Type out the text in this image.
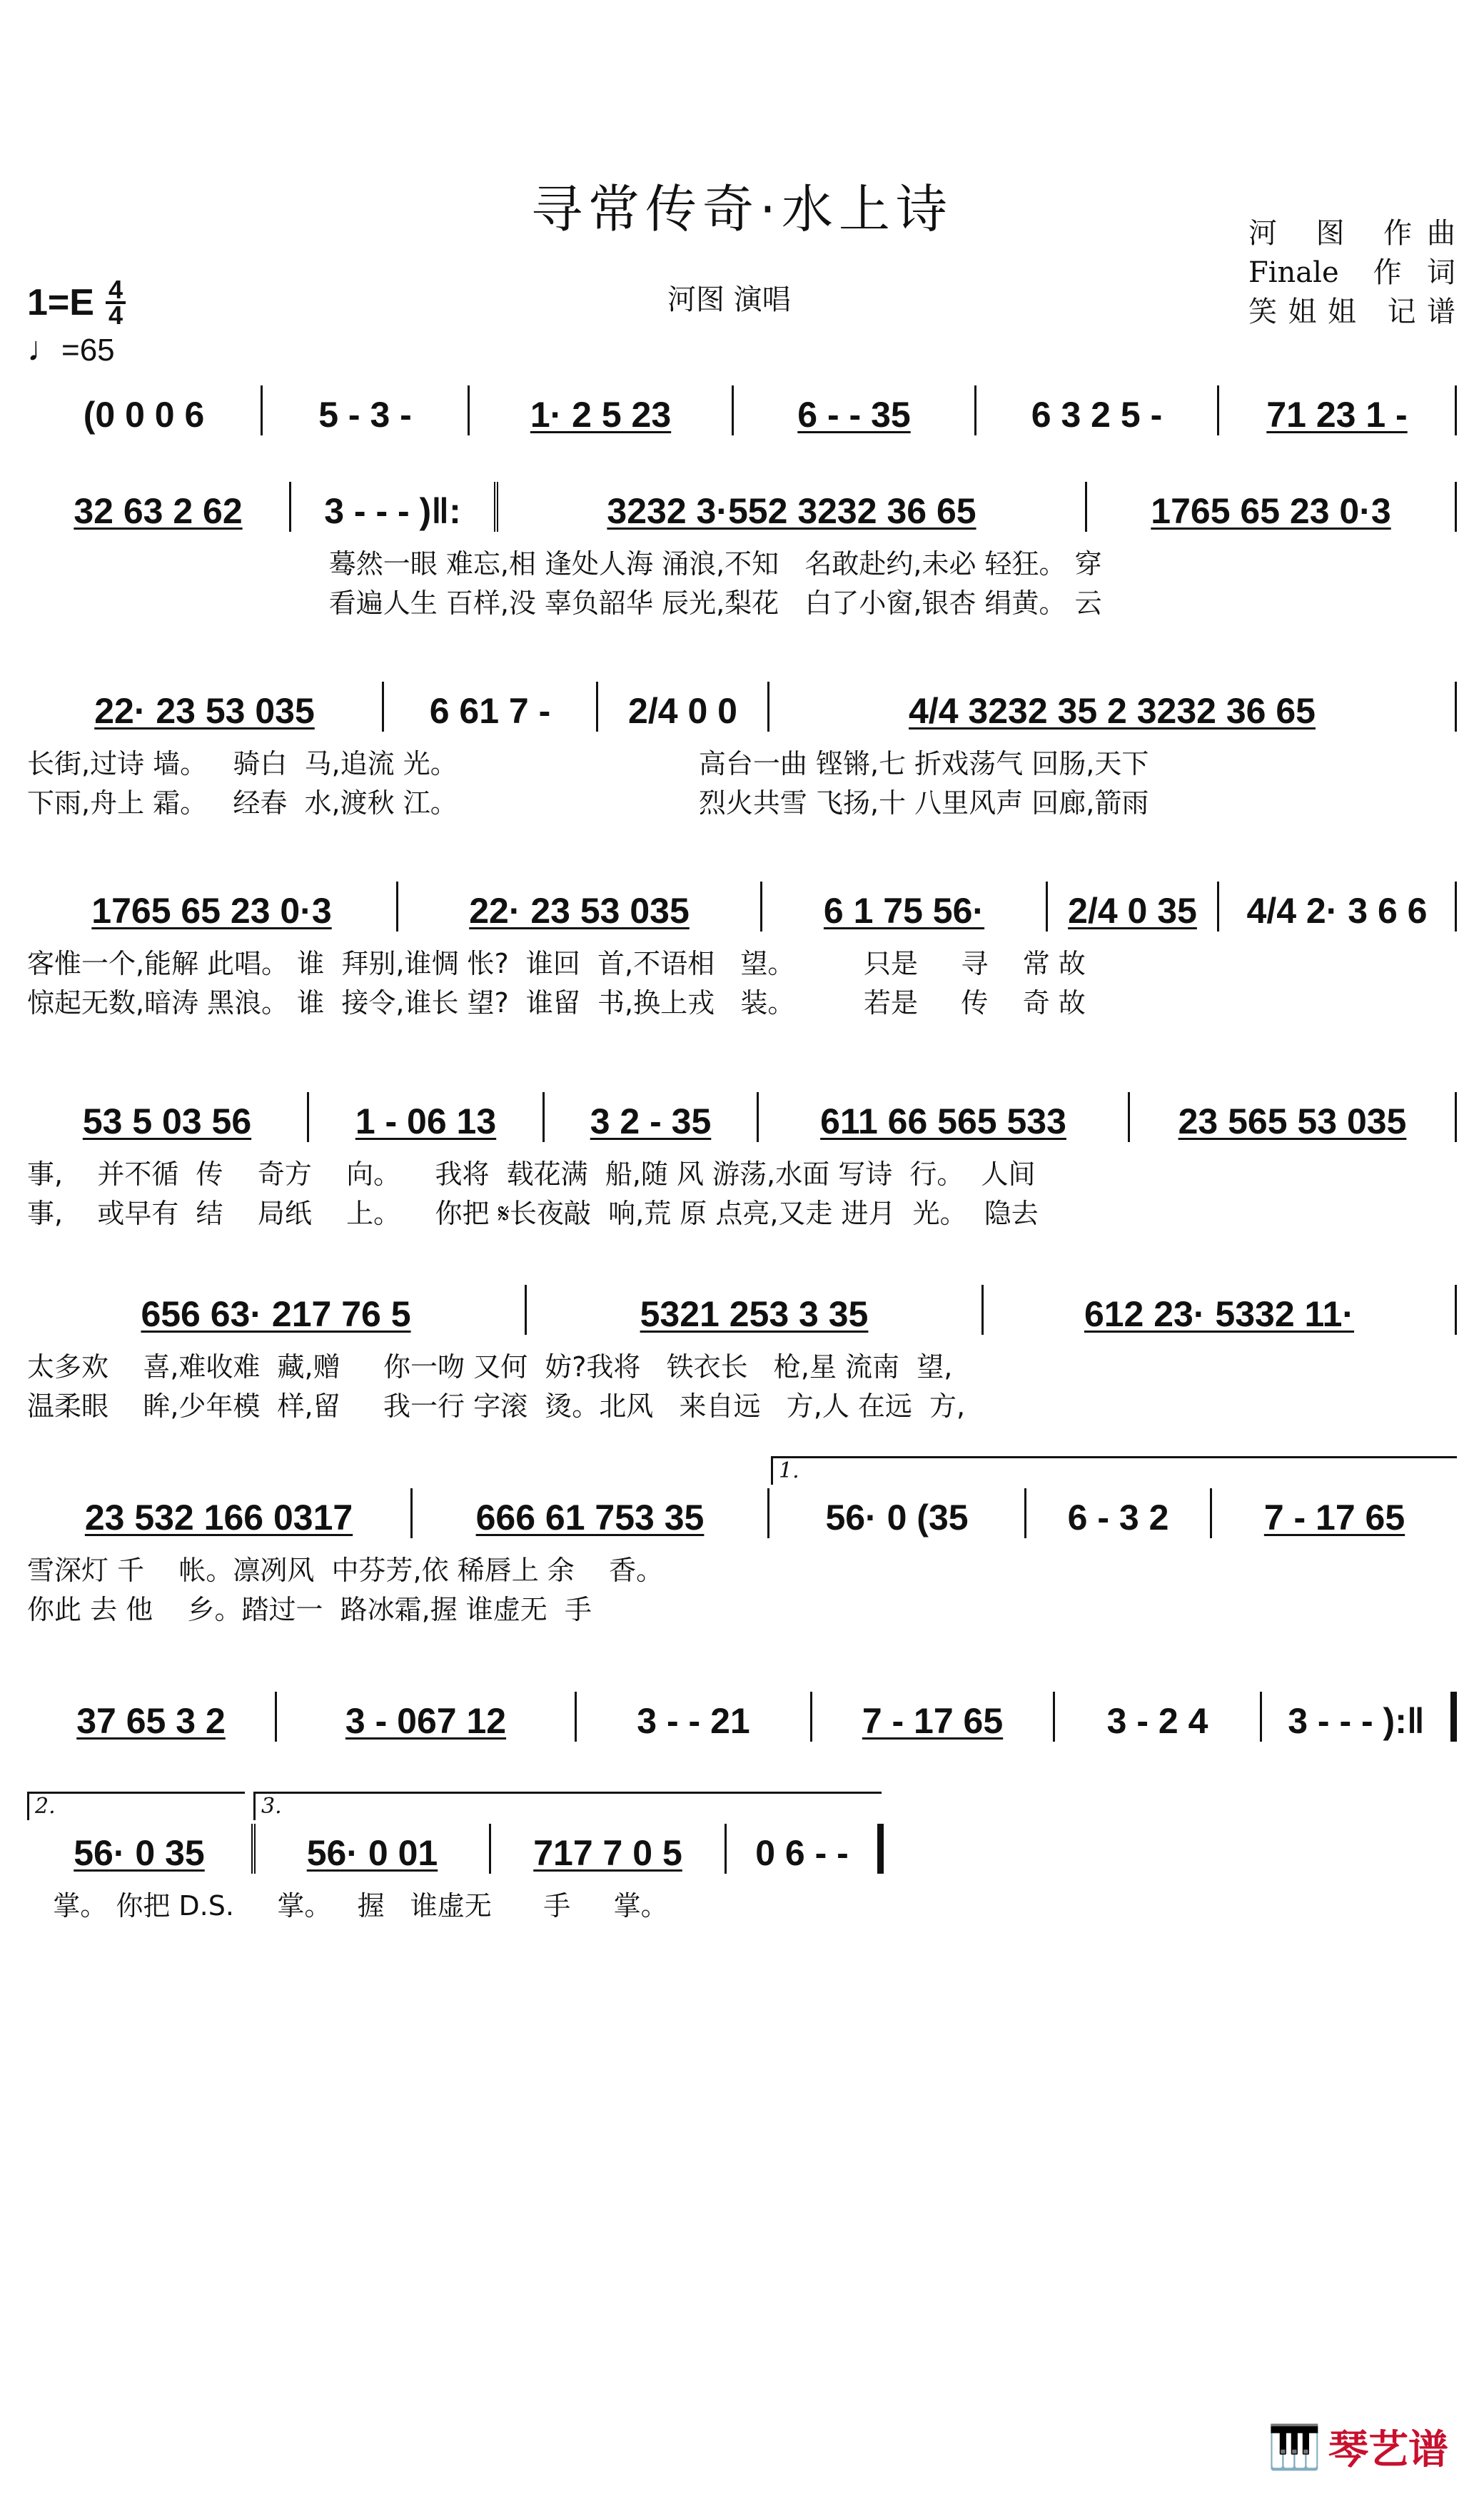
寻常传奇·水上诗	河 图 作曲
Finale 作词
笑姐姐 记谱
河图 演唱
1=E 4
4
♩=65
(0 0 0 6	5 - 3 -	1· 2 5 23	6 - - 35	6 3 2 5 -	71 23 1 -
32 63 2 62 3 - - - )‖:	3232 3·552 3232 36 65	1765 65 23 0·3
蓦然一眼 难忘,相 逢处人海 涌浪,不知   名敢赴约,未必 轻狂。 穿
看遍人生 百样,没 辜负韶华 辰光,梨花   白了小窗,银杏 绢黄。 云
22· 23 53 035	6 61 7 - 2/4 0 0	4/4 3232 35 2 3232 36 65
长街,过诗 墙。   骑白  马,追流 光。                            高台一曲 铿锵,七 折戏荡气 回肠,天下
下雨,舟上 霜。   经春  水,渡秋 江。                            烈火共雪 飞扬,十 八里风声 回廊,箭雨
1765 65 23 0·3	22· 23 53 035	6 1 75 56· 2/4 0 35 4/4 2· 3 6 6
客惟一个,能解 此唱。 谁  拜别,谁惆 怅?  谁回  首,不语相   望。        只是     寻    常 故
惊起无数,暗涛 黑浪。 谁  接令,谁长 望?  谁留  书,换上戎   装。        若是     传    奇 故
53 5 03 56	1 - 06 13	3 2 - 35	611 66 565 533	23 565 53 035
事,    并不循  传    奇方    向。    我将  载花满  船,随 风 游荡,水面 写诗  行。  人间
事,    或早有  结    局纸    上。    你把 𝄋长夜敲  响,荒 原 点亮,又走 进月  光。  隐去
656 63· 217 76 5	5321 253 3 35	612 23· 5332 11·
太多欢    喜,难收难  藏,赠     你一吻 又何  妨?我将   铁衣长   枪,星 流南  望,
温柔眼    眸,少年模  样,留     我一行 字滚  烫。北风   来自远   方,人 在远  方,
1.
23 532 166 0317	666 61 753 35	56· 0 (35	6 - 3 2	7 - 17 65
雪深灯 千    帐。凛冽风  中芬芳,依 稀唇上 余    香。
你此 去 他    乡。踏过一  路冰霜,握 谁虚无  手
37 65 3 2	3 - 067 12	3 - - 21	7 - 17 65	3 - 2 4 3 - - - ):‖
2.	3.
56· 0 35	56· 0 01	717 7 0 5 0 6 - -
掌。 你把 D.S.     掌。   握   谁虚无      手     掌。
🎹 琴艺谱
